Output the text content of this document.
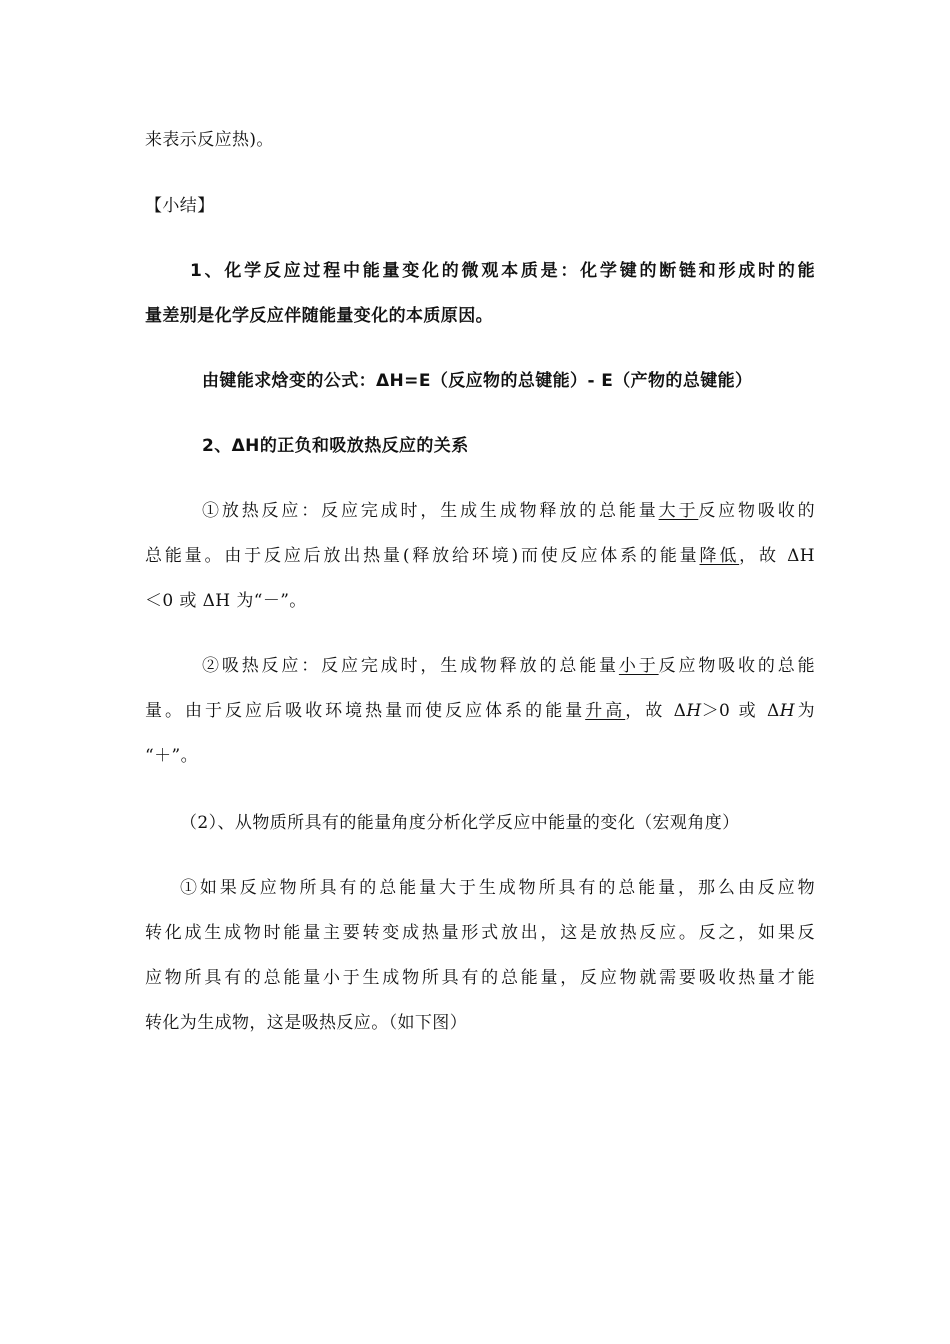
来表示反应热)。
【小结】
1、化学反应过程中能量变化的微观本质是：化学键的断链和形成时的能
量差别是化学反应伴随能量变化的本质原因。
由键能求焓变的公式：ΔH=E（反应物的总键能）- E（产物的总键能）
2、ΔH的正负和吸放热反应的关系
①放热反应：反应完成时，生成生成物释放的总能量大于反应物吸收的
总能量。由于反应后放出热量(释放给环境)而使反应体系的能量降低，故 ΔH
＜0 或 ΔH 为“－”。
②吸热反应：反应完成时，生成物释放的总能量小于反应物吸收的总能
量。由于反应后吸收环境热量而使反应体系的能量升高，故 ΔH＞0 或 ΔH为
“＋”。
（2）、从物质所具有的能量角度分析化学反应中能量的变化（宏观角度）
①如果反应物所具有的总能量大于生成物所具有的总能量，那么由反应物
转化成生成物时能量主要转变成热量形式放出，这是放热反应。反之，如果反
应物所具有的总能量小于生成物所具有的总能量，反应物就需要吸收热量才能
转化为生成物，这是吸热反应。（如下图）
